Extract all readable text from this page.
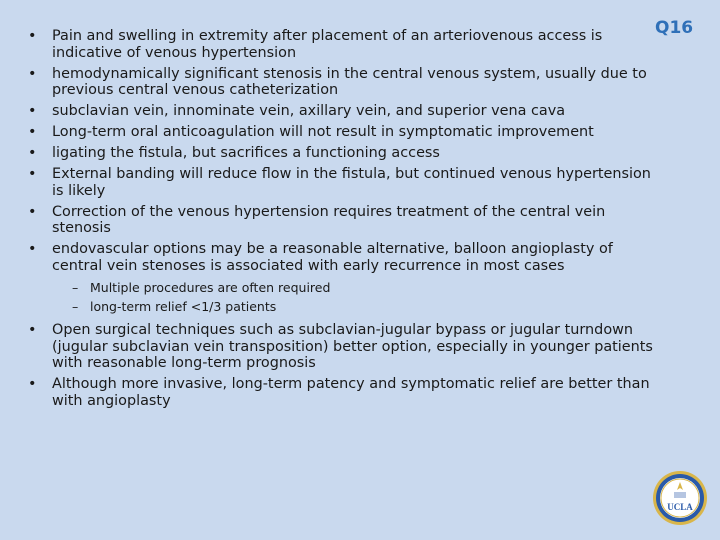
Q16
• Pain and swelling in extremity after placement of an arteriovenous access is indicative of venous hypertension
• hemodynamically significant stenosis in the central venous system, usually due to previous central venous catheterization
• subclavian vein, innominate vein, axillary vein, and superior vena cava
• Long-term oral anticoagulation will not result in symptomatic improvement
• ligating the fistula, but sacrifices a functioning access
• External banding will reduce flow in the fistula, but continued venous hypertension is likely
• Correction of the venous hypertension requires treatment of the central vein stenosis
• endovascular options may be a reasonable alternative, balloon angioplasty of central vein stenoses is associated with early recurrence in most cases
– Multiple procedures are often required
– long-term relief <1/3 patients
• Open surgical techniques such as subclavian-jugular bypass or jugular turndown (jugular subclavian vein transposition) better option, especially in younger patients with reasonable long-term prognosis
• Although more invasive, long-term patency and symptomatic relief are better than with angioplasty
UCLA
